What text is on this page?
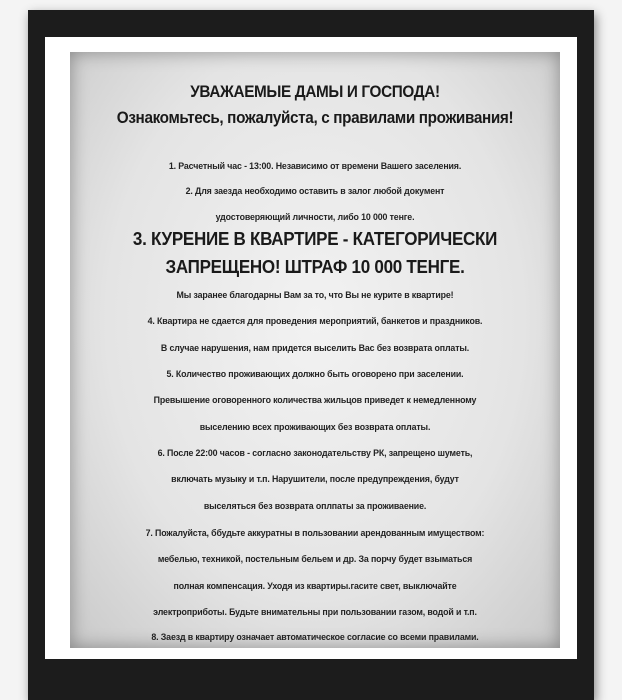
УВАЖАЕМЫЕ ДАМЫ И ГОСПОДА!
Ознакомьтесь, пожалуйста, с правилами проживания!
1. Расчетный час - 13:00. Независимо от времени Вашего заселения.
2. Для заезда необходимо оставить в залог любой документ
удостоверяющий личности, либо 10 000 тенге.
3. КУРЕНИЕ В КВАРТИРЕ - КАТЕГОРИЧЕСКИ
ЗАПРЕЩЕНО! ШТРАФ 10 000 ТЕНГЕ.
Мы заранее благодарны Вам за то, что Вы не курите в квартире!
4. Квартира не сдается для проведения мероприятий, банкетов и праздников.
В случае нарушения, нам придется выселить Вас без возврата оплаты.
5. Количество проживающих должно быть оговорено при заселении.
Превышение оговоренного количества жильцов приведет к немедленному
выселению всех проживающих без возврата оплаты.
6. После 22:00 часов - согласно законодательству РК, запрещено шуметь,
включать музыку и т.п. Нарушители, после предупреждения, будут
выселяться без возврата оплпаты за проживаение.
7. Пожалуйста, ббудьте аккуратны в пользовании арендованным имуществом:
мебелью, техникой, постельным бельем и др. За порчу будет взыматься
полная компенсация. Уходя из квартиры.гасите свет, выключайте
электроприботы. Будьте внимательны при пользовании газом, водой и т.п.
8. Заезд в квартиру означает автоматическое согласие со всеми правилами.
